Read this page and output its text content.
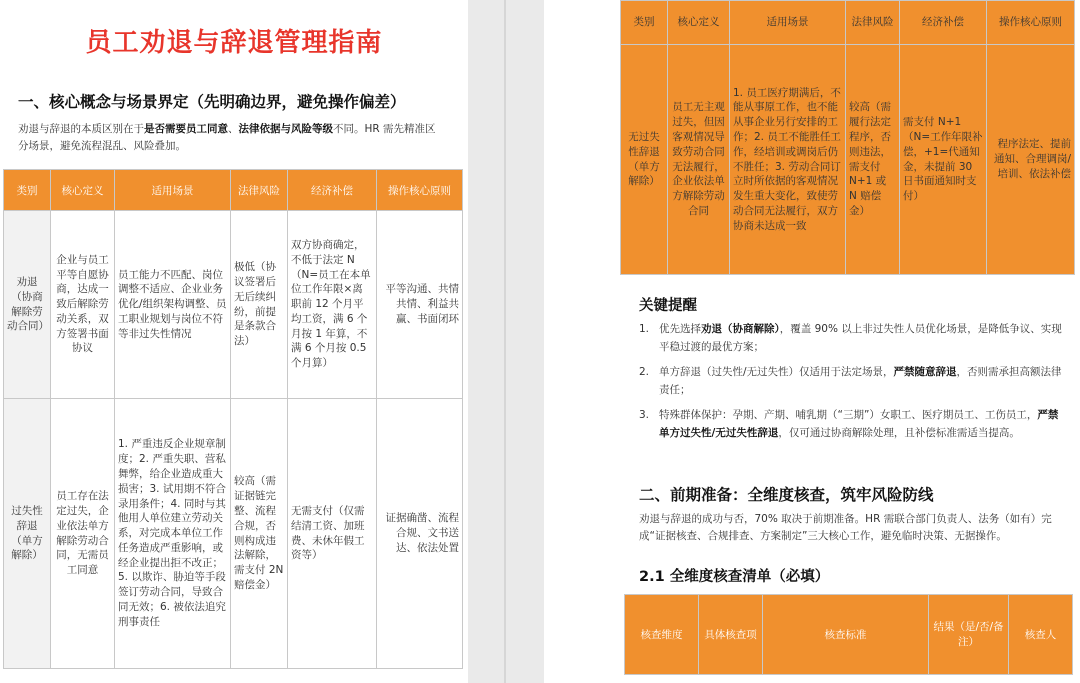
员工劝退与辞退管理指南
一、核心概念与场景界定（先明确边界，避免操作偏差）
劝退与辞退的本质区别在于是否需要员工同意、法律依据与风险等级不同。HR 需先精准区分场景，避免流程混乱、风险叠加。
类别	核心定义	适用场景	法律风险	经济补偿	操作核心原则
劝退（协商解除劳动合同）	企业与员工平等自愿协商，达成一致后解除劳动关系，双方签署书面协议	员工能力不匹配、岗位调整不适应、企业业务优化/组织架构调整、员工职业规划与岗位不符等非过失性情况	极低（协议签署后无后续纠纷，前提是条款合法）	双方协商确定，不低于法定 N（N=员工在本单位工作年限×离职前 12 个月平均工资，满 6 个月按 1 年算，不满 6 个月按 0.5 个月算）	平等沟通、共情共情、利益共赢、书面闭环
过失性辞退（单方解除）	员工存在法定过失，企业依法单方解除劳动合同，无需员工同意	1. 严重违反企业规章制度；2. 严重失职、营私舞弊，给企业造成重大损害；3. 试用期不符合录用条件；4. 同时与其他用人单位建立劳动关系，对完成本单位工作任务造成严重影响，或经企业提出拒不改正；5. 以欺诈、胁迫等手段签订劳动合同，导致合同无效；6. 被依法追究刑事责任	较高（需证据链完整、流程合规，否则构成违法解除，需支付 2N 赔偿金）	无需支付（仅需结清工资、加班费、未休年假工资等）	证据确凿、流程合规、文书送达、依法处置
类别	核心定义	适用场景	法律风险	经济补偿	操作核心原则
无过失性辞退（单方解除）	员工无主观过失，但因客观情况导致劳动合同无法履行，企业依法单方解除劳动合同	1. 员工医疗期满后，不能从事原工作，也不能从事企业另行安排的工作；2. 员工不能胜任工作，经培训或调岗后仍不胜任；3. 劳动合同订立时所依据的客观情况发生重大变化，致使劳动合同无法履行，双方协商未达成一致	较高（需履行法定程序，否则违法，需支付 N+1 或 N 赔偿金）	需支付 N+1（N=工作年限补偿，+1=代通知金，未提前 30 日书面通知时支付）	程序法定、提前通知、合理调岗/培训、依法补偿
关键提醒
1. 优先选择劝退（协商解除），覆盖 90% 以上非过失性人员优化场景，是降低争议、实现平稳过渡的最优方案；
2. 单方辞退（过失性/无过失性）仅适用于法定场景，严禁随意辞退，否则需承担高额法律责任；
3. 特殊群体保护：孕期、产期、哺乳期（“三期”）女职工、医疗期员工、工伤员工，严禁单方过失性/无过失性辞退，仅可通过协商解除处理，且补偿标准需适当提高。
二、前期准备：全维度核查，筑牢风险防线
劝退与辞退的成功与否，70% 取决于前期准备。HR 需联合部门负责人、法务（如有）完成“证据核查、合规排查、方案制定”三大核心工作，避免临时决策、无据操作。
2.1 全维度核查清单（必填）
核查维度	具体核查项	核查标准	结果（是/否/备注）	核查人
